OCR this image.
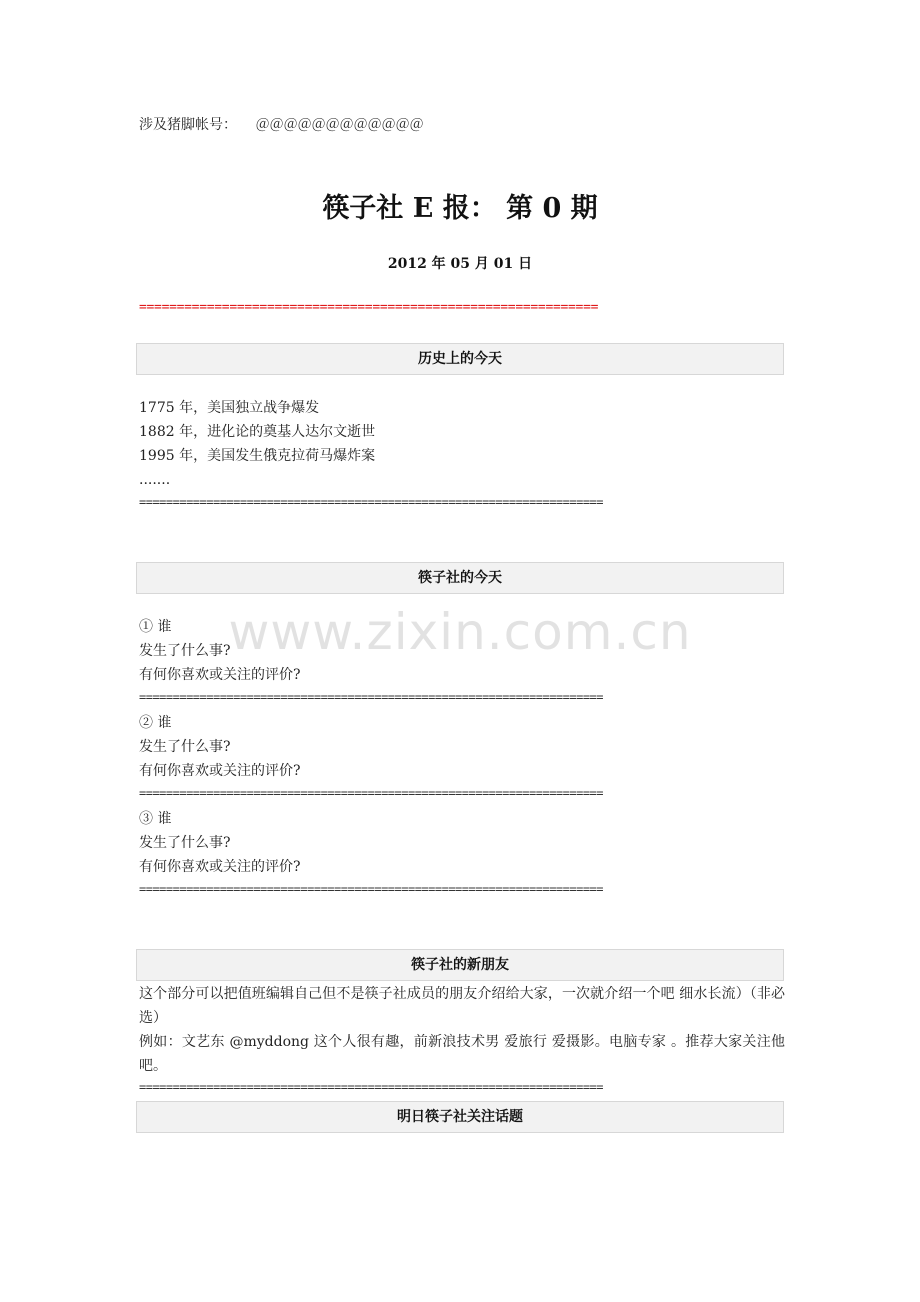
涉及猪脚帐号： ＠＠＠＠＠＠＠＠＠＠＠＠
筷子社 E 报： 第 0 期
2012 年 05 月 01 日
=============================================================
历史上的今天
1775 年，美国独立战争爆发
1882 年，进化论的奠基人达尔文逝世
1995 年，美国发生俄克拉荷马爆炸案
.......
=====================================================================
筷子社的今天
www.zixin.com.cn
① 谁
发生了什么事?
有何你喜欢或关注的评价?
=====================================================================
② 谁
发生了什么事?
有何你喜欢或关注的评价?
=====================================================================
③ 谁
发生了什么事?
有何你喜欢或关注的评价?
=====================================================================
筷子社的新朋友
这个部分可以把值班编辑自己但不是筷子社成员的朋友介绍给大家，一次就介绍一个吧 细水长流）（非必选）
例如：文艺东 @myddong 这个人很有趣，前新浪技术男 爱旅行 爱摄影。电脑专家 。推荐大家关注他吧。
=====================================================================
明日筷子社关注话题
